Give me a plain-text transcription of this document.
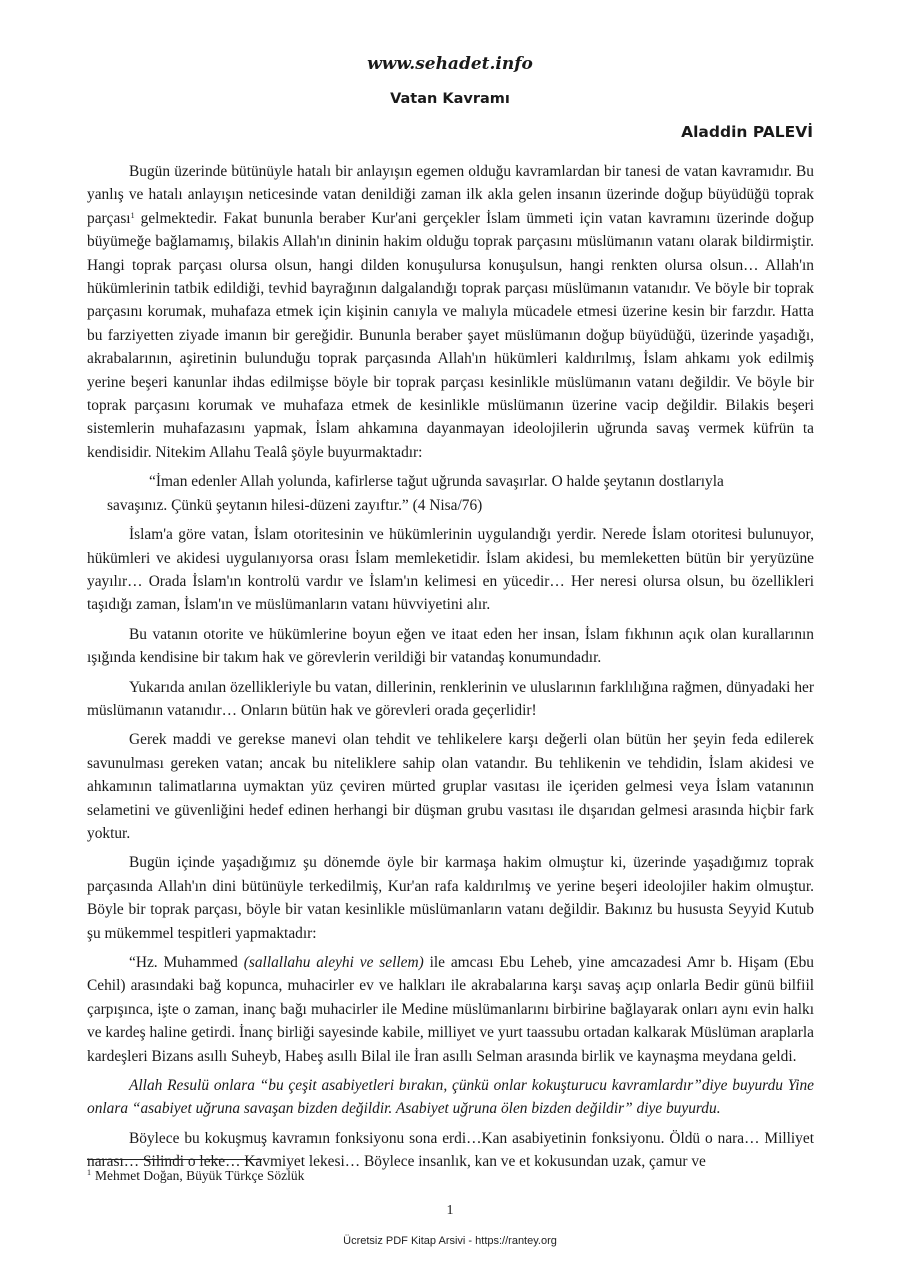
www.sehadet.info
Vatan Kavramı
Aladdin PALEVİ

Bugün üzerinde bütünüyle hatalı bir anlayışın egemen olduğu kavramlardan bir tanesi de vatan kavramıdır. Bu yanlış ve hatalı anlayışın neticesinde vatan denildiği zaman ilk akla gelen insanın üzerinde doğup büyüdüğü toprak parçası$^1$ gelmektedir. Fakat bununla beraber Kur'ani gerçekler İslam ümmeti için vatan kavramını üzerinde doğup büyümeğe bağlamamış, bilakis Allah'ın dininin hakim olduğu toprak parçasını müslümanın vatanı olarak bildirmiştir. Hangi toprak parçası olursa olsun, hangi dilden konuşulursa konuşulsun, hangi renkten olursa olsun… Allah'ın hükümlerinin tatbik edildiği, tevhid bayrağının dalgalandığı toprak parçası müslümanın vatanıdır. Ve böyle bir toprak parçasını korumak, muhafaza etmek için kişinin canıyla ve malıyla mücadele etmesi üzerine kesin bir farzdır. Hatta bu farziyetten ziyade imanın bir gereğidir. Bununla beraber şayet müslümanın doğup büyüdüğü, üzerinde yaşadığı, akrabalarının, aşiretinin bulunduğu toprak parçasında Allah'ın hükümleri kaldırılmış, İslam ahkamı yok edilmiş yerine beşeri kanunlar ihdas edilmişse böyle bir toprak parçası kesinlikle müslümanın vatanı değildir. Ve böyle bir toprak parçasını korumak ve muhafaza etmek de kesinlikle müslümanın üzerine vacip değildir. Bilakis beşeri sistemlerin muhafazasını yapmak, İslam ahkamına dayanmayan ideolojilerin uğrunda savaş vermek küfrün ta kendisidir. Nitekim Allahu Tealâ şöyle buyurmaktadır:

“İman edenler Allah yolunda, kafirlerse tağut uğrunda savaşırlar. O halde şeytanın dostlarıyla
savaşınız. Çünkü şeytanın hilesi-düzeni zayıftır.” (4 Nisa/76)

İslam'a göre vatan, İslam otoritesinin ve hükümlerinin uygulandığı yerdir. Nerede İslam otoritesi bulunuyor, hükümleri ve akidesi uygulanıyorsa orası İslam memleketidir. İslam akidesi, bu memleketten bütün bir yeryüzüne yayılır… Orada İslam'ın kontrolü vardır ve İslam'ın kelimesi en yücedir… Her neresi olursa olsun, bu özellikleri taşıdığı zaman, İslam'ın ve müslümanların vatanı hüvviyetini alır.

Bu vatanın otorite ve hükümlerine boyun eğen ve itaat eden her insan, İslam fıkhının açık olan kurallarının ışığında kendisine bir takım hak ve görevlerin verildiği bir vatandaş konumundadır.

Yukarıda anılan özellikleriyle bu vatan, dillerinin, renklerinin ve uluslarının farklılığına rağmen, dünyadaki her müslümanın vatanıdır… Onların bütün hak ve görevleri orada geçerlidir!

Gerek maddi ve gerekse manevi olan tehdit ve tehlikelere karşı değerli olan bütün her şeyin feda edilerek savunulması gereken vatan; ancak bu niteliklere sahip olan vatandır. Bu tehlikenin ve tehdidin, İslam akidesi ve ahkamının talimatlarına uymaktan yüz çeviren mürted gruplar vasıtası ile içeriden gelmesi veya İslam vatanının selametini ve güvenliğini hedef edinen herhangi bir düşman grubu vasıtası ile dışarıdan gelmesi arasında hiçbir fark yoktur.

Bugün içinde yaşadığımız şu dönemde öyle bir karmaşa hakim olmuştur ki, üzerinde yaşadığımız toprak parçasında Allah'ın dini bütünüyle terkedilmiş, Kur'an rafa kaldırılmış ve yerine beşeri ideolojiler hakim olmuştur. Böyle bir toprak parçası, böyle bir vatan kesinlikle müslümanların vatanı değildir. Bakınız bu hususta Seyyid Kutub şu mükemmel tespitleri yapmaktadır:

“Hz. Muhammed (sallallahu aleyhi ve sellem) ile amcası Ebu Leheb, yine amcazadesi Amr b. Hişam (Ebu Cehil) arasındaki bağ kopunca, muhacirler ev ve halkları ile akrabalarına karşı savaş açıp onlarla Bedir günü bilfiil çarpışınca, işte o zaman, inanç bağı muhacirler ile Medine müslümanlarını birbirine bağlayarak onları aynı evin halkı ve kardeş haline getirdi. İnanç birliği sayesinde kabile, milliyet ve yurt taassubu ortadan kalkarak Müslüman araplarla kardeşleri Bizans asıllı Suheyb, Habeş asıllı Bilal ile İran asıllı Selman arasında birlik ve kaynaşma meydana geldi.

Allah Resulü onlara “bu çeşit asabiyetleri bırakın, çünkü onlar kokuşturucu kavramlardır”diye buyurdu Yine onlara “asabiyet uğruna savaşan bizden değildir. Asabiyet uğruna ölen bizden değildir” diye buyurdu.

Böylece bu kokuşmuş kavramın fonksiyonu sona erdi…Kan asabiyetinin fonksiyonu. Öldü o nara… Milliyet narası… Silindi o leke… Kavmiyet lekesi… Böylece insanlık, kan ve et kokusundan uzak, çamur ve

$^1$ Mehmet Doğan, Büyük Türkçe Sözlük
1
Ücretsiz PDF Kitap Arsivi - https://rantey.org
